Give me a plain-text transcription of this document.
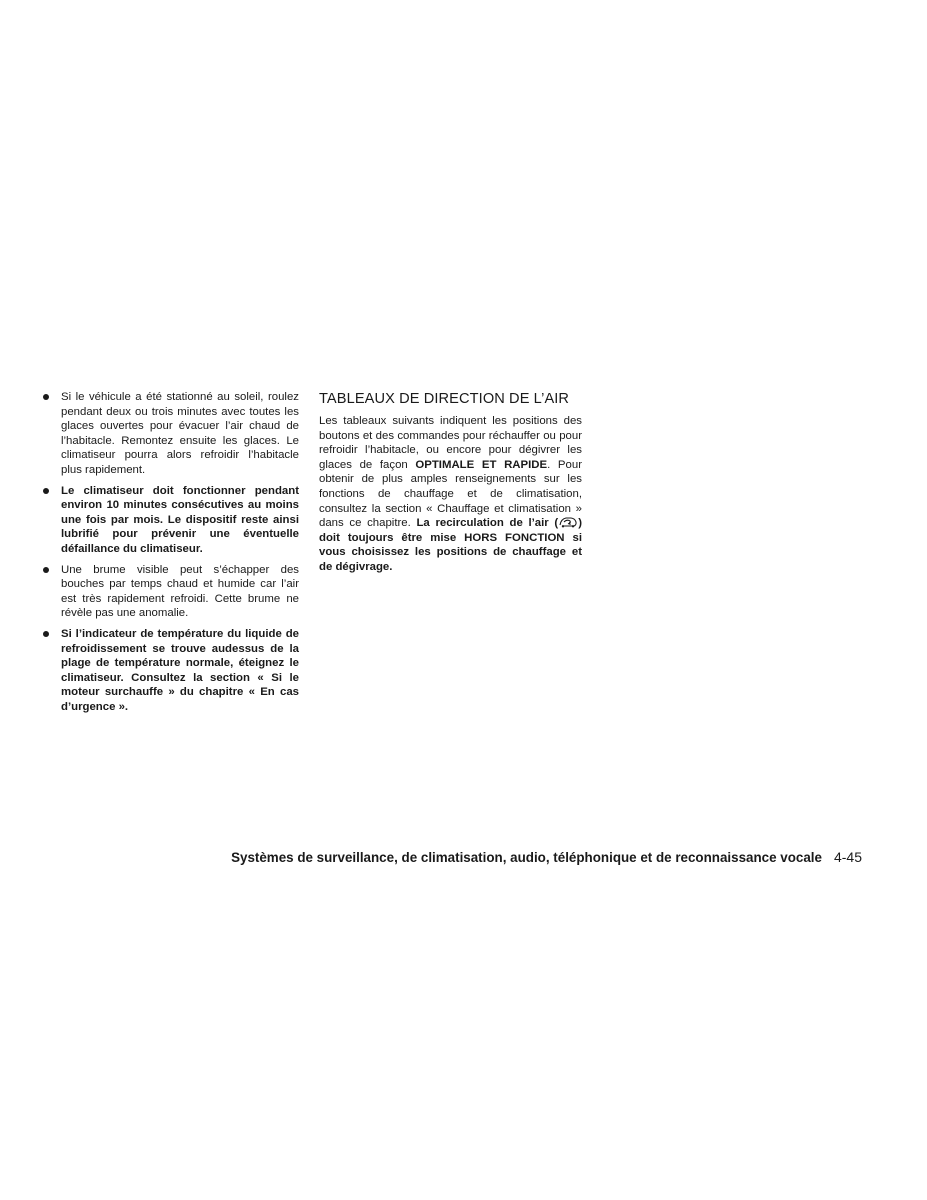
Si le véhicule a été stationné au soleil, roulez pendant deux ou trois minutes avec toutes les glaces ouvertes pour évacuer l’air chaud de l’habitacle. Remontez ensuite les glaces. Le climatiseur pourra alors refroidir l’habitacle plus rapidement.
Le climatiseur doit fonctionner pendant environ 10 minutes consécutives au moins une fois par mois. Le dispositif reste ainsi lubrifié pour prévenir une éventuelle défaillance du climatiseur.
Une brume visible peut s’échapper des bouches par temps chaud et humide car l’air est très rapidement refroidi. Cette brume ne révèle pas une anomalie.
Si l’indicateur de température du liquide de refroidissement se trouve audessus de la plage de température normale, éteignez le climatiseur. Consultez la section « Si le moteur surchauffe » du chapitre « En cas d’urgence ».
TABLEAUX DE DIRECTION DE L’AIR

Les tableaux suivants indiquent les positions des boutons et des commandes pour réchauffer ou pour refroidir l’habitacle, ou encore pour dégivrer les glaces de façon OPTIMALE ET RAPIDE. Pour obtenir de plus amples renseignements sur les fonctions de chauffage et de climatisation, consultez la section « Chauffage et climatisation » dans ce chapitre. La recirculation de l’air ( ) doit toujours être mise HORS FONCTION si vous choisissez les positions de chauffage et de dégivrage.

Systèmes de surveillance, de climatisation, audio, téléphonique et de reconnaissance vocale 4-45
